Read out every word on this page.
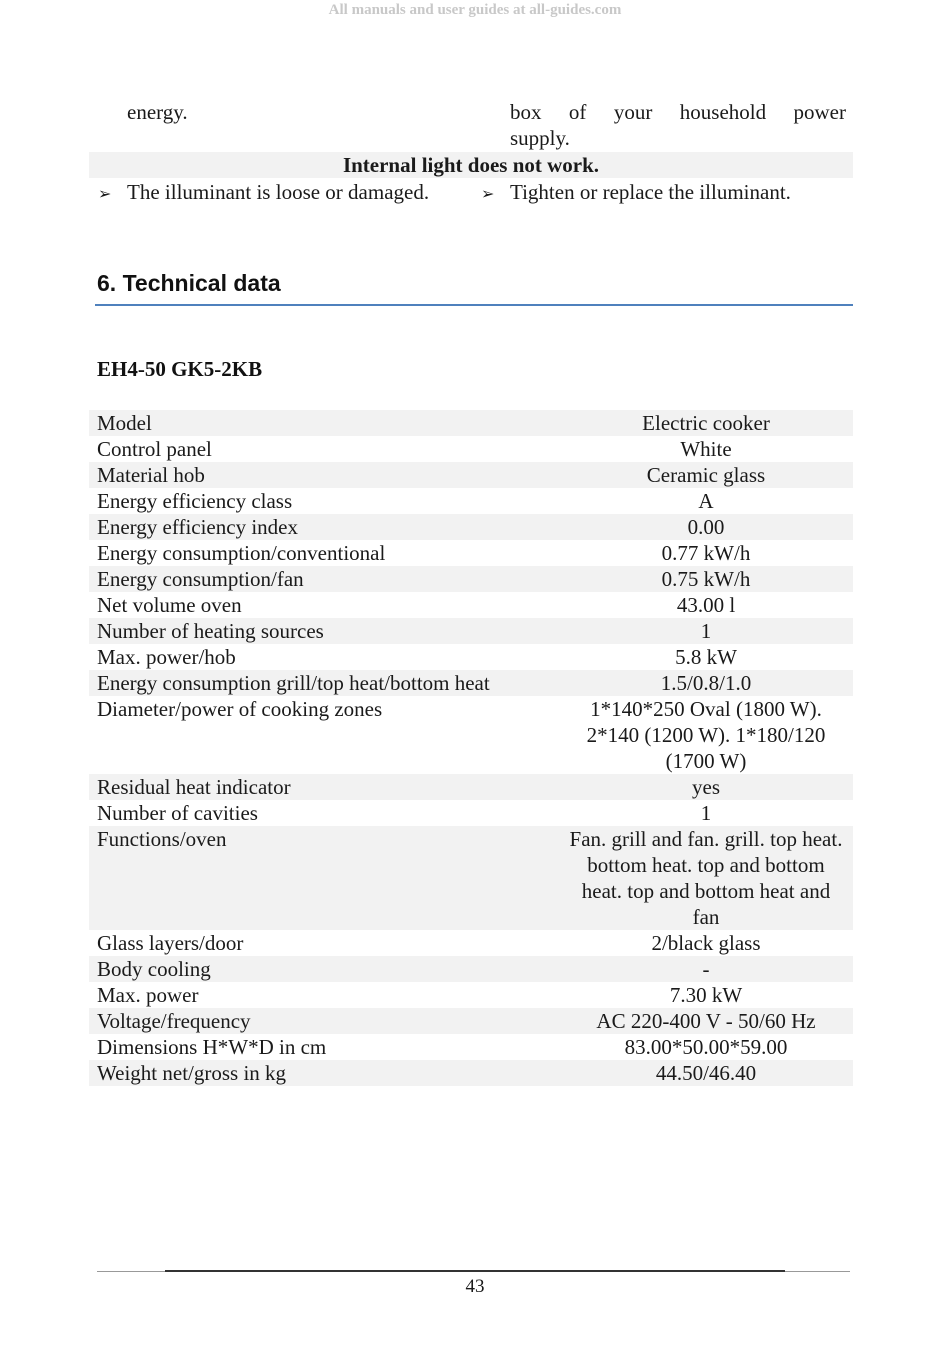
All manuals and user guides at all-guides.com
energy.	box of your household power
supply.
Internal light does not work.
➢ The illuminant is loose or damaged.	➢ Tighten or replace the illuminant.
6. Technical data
EH4-50 GK5-2KB
Model	Electric cooker
Control panel	White
Material hob	Ceramic glass
Energy efficiency class	A
Energy efficiency index	0.00
Energy consumption/conventional	0.77 kW/h
Energy consumption/fan	0.75 kW/h
Net volume oven	43.00 l
Number of heating sources	1
Max. power/hob	5.8 kW
Energy consumption grill/top heat/bottom heat	1.5/0.8/1.0
Diameter/power of cooking zones	1*140*250 Oval (1800 W). 2*140 (1200 W). 1*180/120 (1700 W)
Residual heat indicator	yes
Number of cavities	1
Functions/oven	Fan. grill and fan. grill. top heat. bottom heat. top and bottom heat. top and bottom heat and fan
Glass layers/door	2/black glass
Body cooling	-
Max. power	7.30 kW
Voltage/frequency	AC 220-400 V - 50/60 Hz
Dimensions H*W*D in cm	83.00*50.00*59.00
Weight net/gross in kg	44.50/46.40
43
